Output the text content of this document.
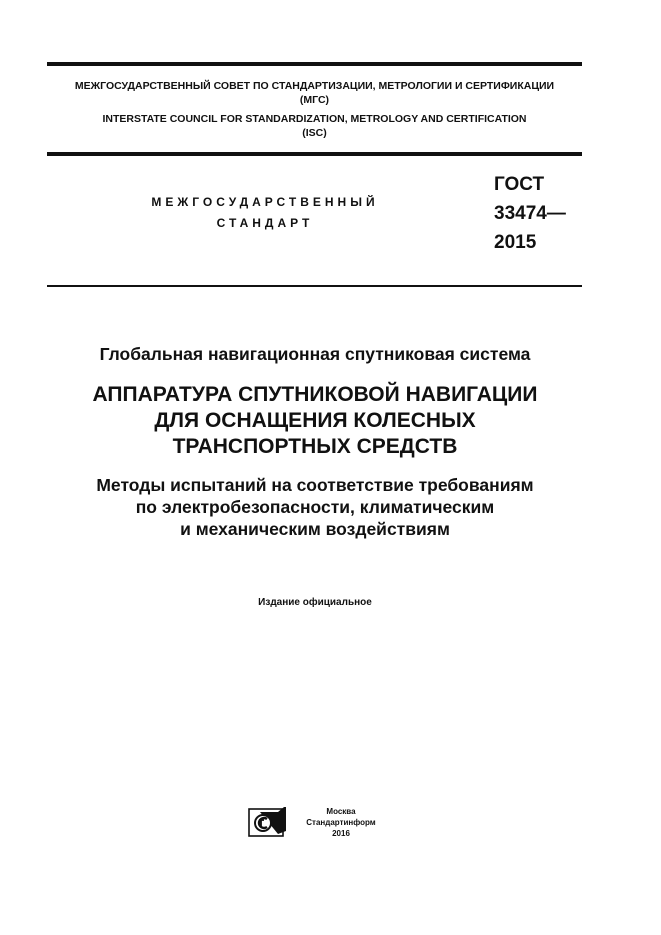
МЕЖГОСУДАРСТВЕННЫЙ СОВЕТ ПО СТАНДАРТИЗАЦИИ, МЕТРОЛОГИИ И СЕРТИФИКАЦИИ
(МГС)
INTERSTATE COUNCIL FOR STANDARDIZATION, METROLOGY AND CERTIFICATION
(ISC)
МЕЖГОСУДАРСТВЕННЫЙ
СТАНДАРТ
ГОСТ
33474—
2015
Глобальная навигационная спутниковая система
АППАРАТУРА СПУТНИКОВОЙ НАВИГАЦИИ
ДЛЯ ОСНАЩЕНИЯ КОЛЕСНЫХ
ТРАНСПОРТНЫХ СРЕДСТВ
Методы испытаний на соответствие требованиям
по электробезопасности, климатическим
и механическим воздействиям
Издание официальное
Москва
Стандартинформ
2016
